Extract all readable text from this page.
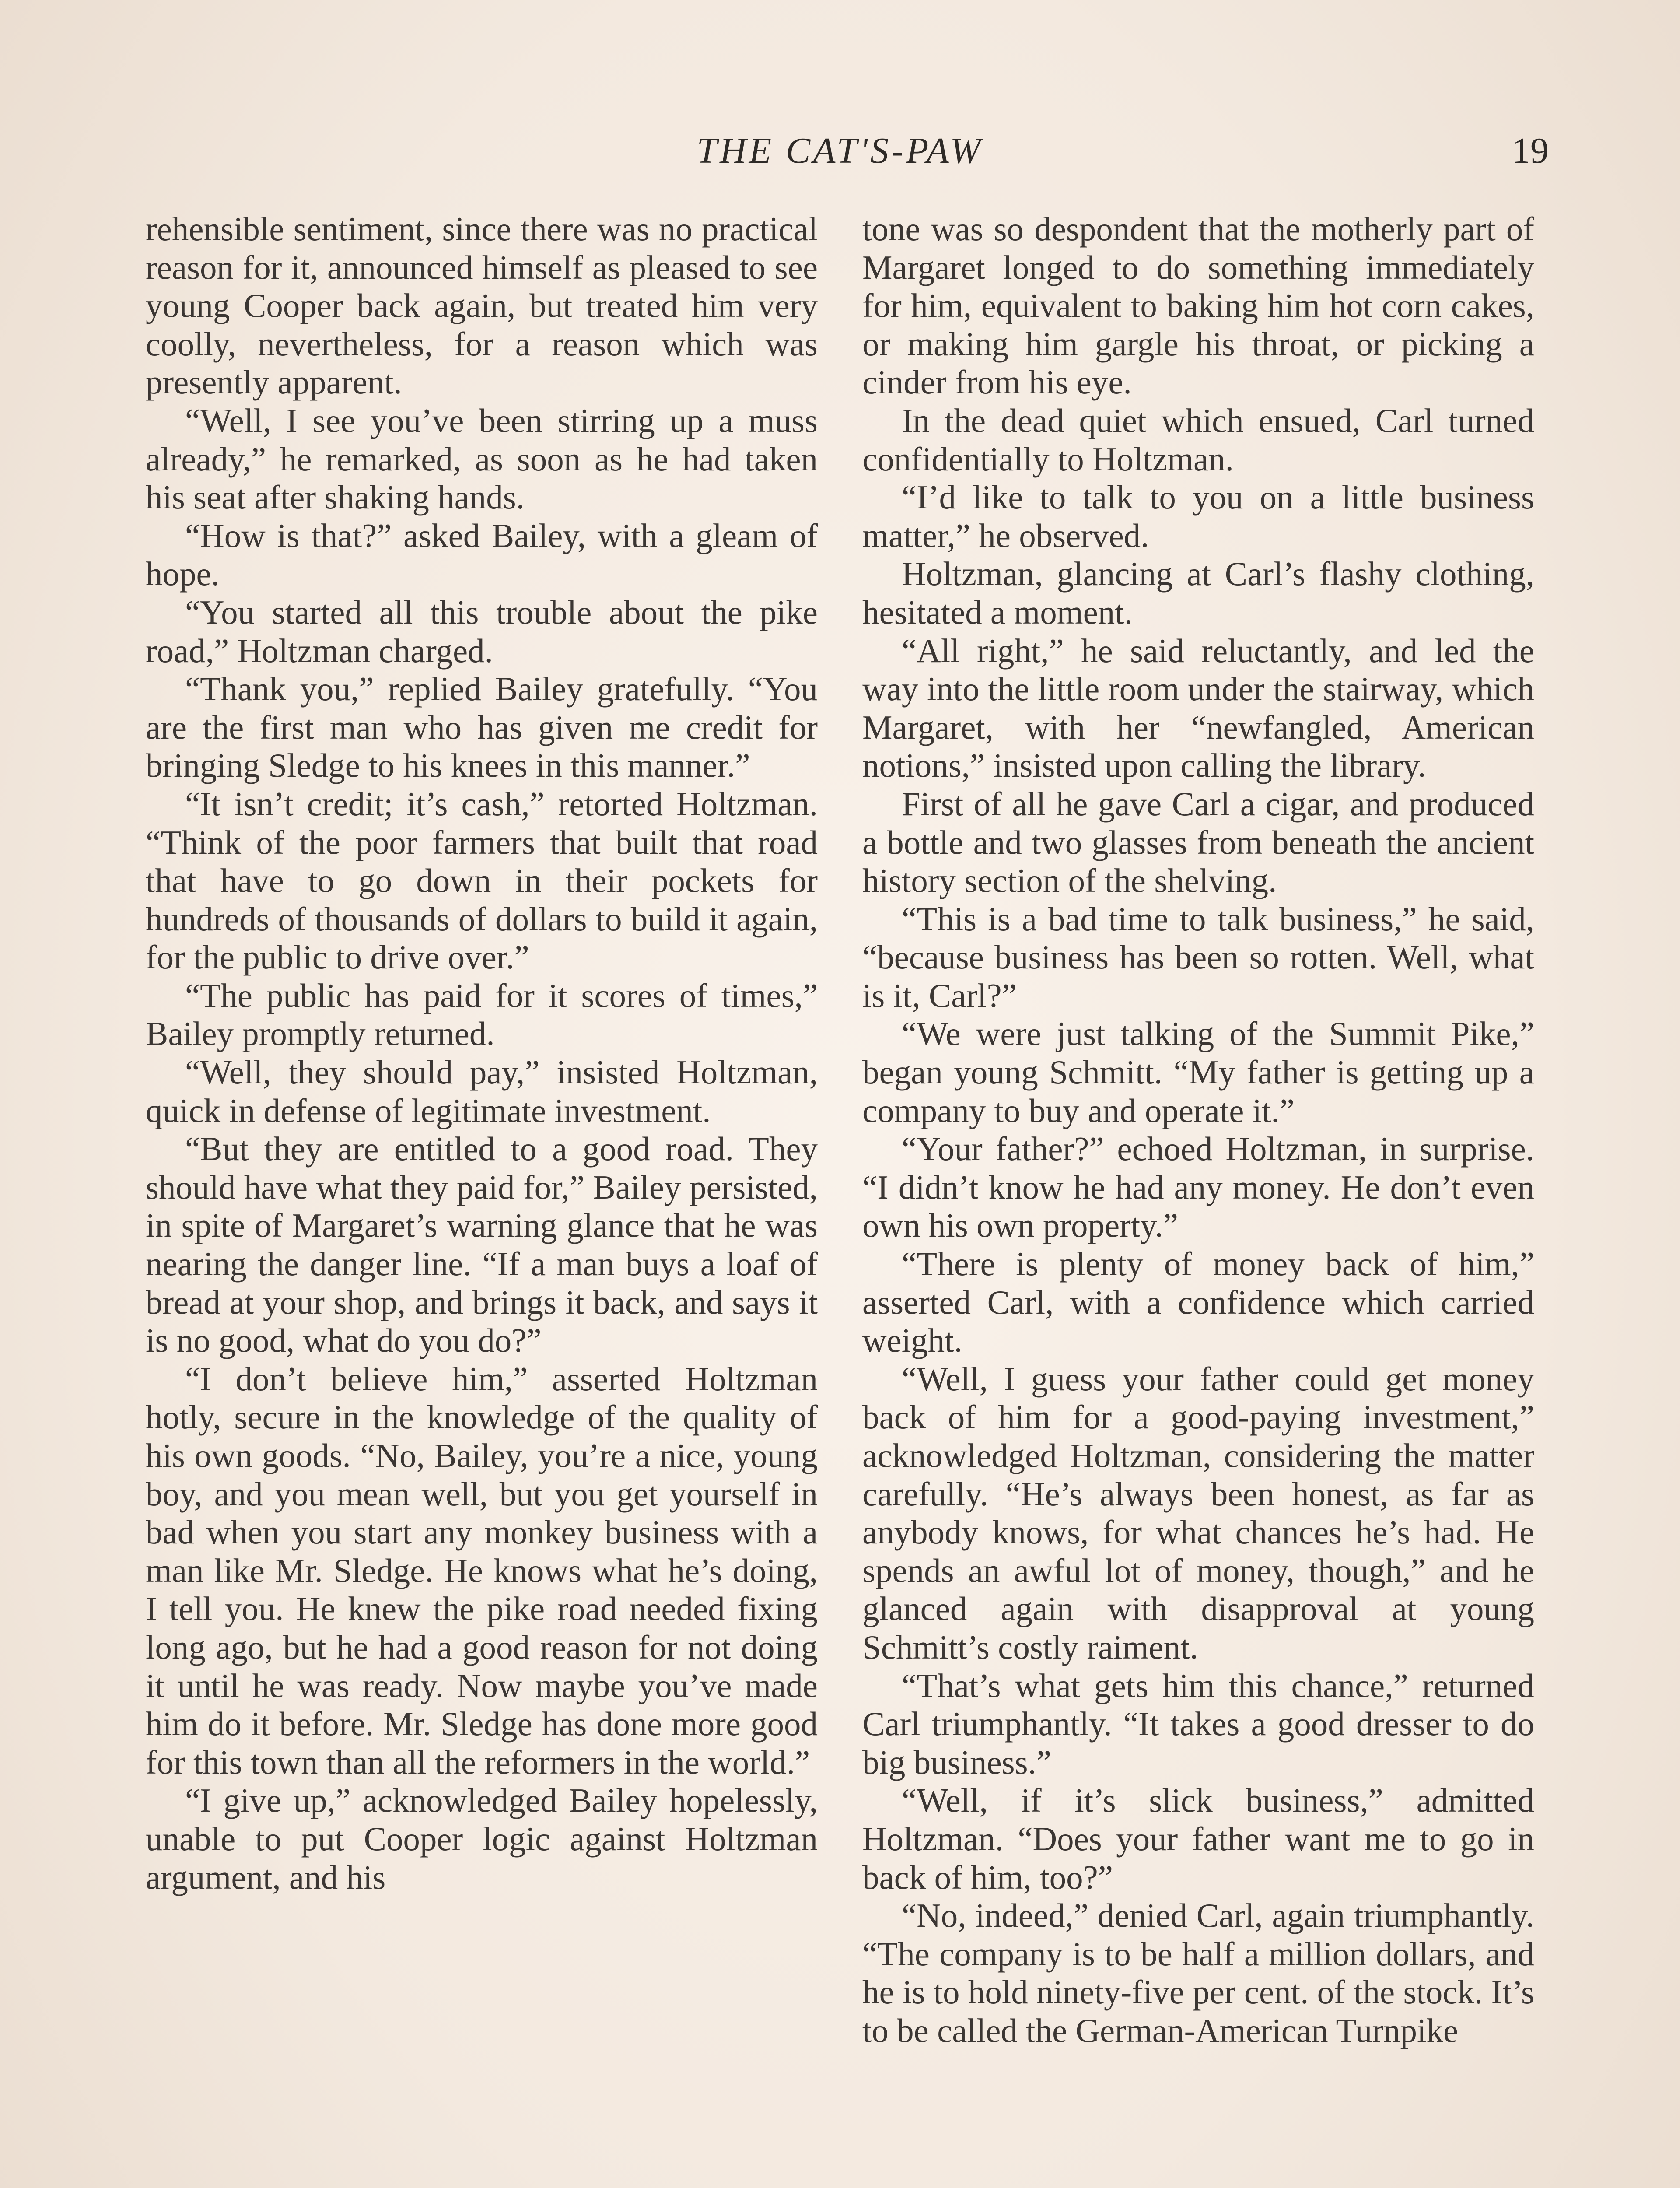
THE CAT'S-PAW	19

rehensible sentiment, since there was no practical reason for it, announced himself as pleased to see young Cooper back again, but treated him very coolly, nevertheless, for a reason which was presently apparent.

“Well, I see you’ve been stirring up a muss already,” he remarked, as soon as he had taken his seat after shaking hands.

“How is that?” asked Bailey, with a gleam of hope.

“You started all this trouble about the pike road,” Holtzman charged.

“Thank you,” replied Bailey gratefully. “You are the first man who has given me credit for bringing Sledge to his knees in this manner.”

“It isn’t credit; it’s cash,” retorted Holtzman. “Think of the poor farmers that built that road that have to go down in their pockets for hundreds of thousands of dollars to build it again, for the public to drive over.”

“The public has paid for it scores of times,” Bailey promptly returned.

“Well, they should pay,” insisted Holtzman, quick in defense of legitimate investment.

“But they are entitled to a good road. They should have what they paid for,” Bailey persisted, in spite of Margaret’s warning glance that he was nearing the danger line. “If a man buys a loaf of bread at your shop, and brings it back, and says it is no good, what do you do?”

“I don’t believe him,” asserted Holtzman hotly, secure in the knowledge of the quality of his own goods. “No, Bailey, you’re a nice, young boy, and you mean well, but you get yourself in bad when you start any monkey business with a man like Mr. Sledge. He knows what he’s doing, I tell you. He knew the pike road needed fixing long ago, but he had a good reason for not doing it until he was ready. Now maybe you’ve made him do it before. Mr. Sledge has done more good for this town than all the reformers in the world.”

“I give up,” acknowledged Bailey hopelessly, unable to put Cooper logic against Holtzman argument, and his

tone was so despondent that the motherly part of Margaret longed to do something immediately for him, equivalent to baking him hot corn cakes, or making him gargle his throat, or picking a cinder from his eye.

In the dead quiet which ensued, Carl turned confidentially to Holtzman.

“I’d like to talk to you on a little business matter,” he observed.

Holtzman, glancing at Carl’s flashy clothing, hesitated a moment.

“All right,” he said reluctantly, and led the way into the little room under the stairway, which Margaret, with her “newfangled, American notions,” insisted upon calling the library.

First of all he gave Carl a cigar, and produced a bottle and two glasses from beneath the ancient history section of the shelving.

“This is a bad time to talk business,” he said, “because business has been so rotten. Well, what is it, Carl?”

“We were just talking of the Summit Pike,” began young Schmitt. “My father is getting up a company to buy and operate it.”

“Your father?” echoed Holtzman, in surprise. “I didn’t know he had any money. He don’t even own his own property.”

“There is plenty of money back of him,” asserted Carl, with a confidence which carried weight.

“Well, I guess your father could get money back of him for a good-paying investment,” acknowledged Holtzman, considering the matter carefully. “He’s always been honest, as far as anybody knows, for what chances he’s had. He spends an awful lot of money, though,” and he glanced again with disapproval at young Schmitt’s costly raiment.

“That’s what gets him this chance,” returned Carl triumphantly. “It takes a good dresser to do big business.”

“Well, if it’s slick business,” admitted Holtzman. “Does your father want me to go in back of him, too?”

“No, indeed,” denied Carl, again triumphantly. “The company is to be half a million dollars, and he is to hold ninety-five per cent. of the stock. It’s to be called the German-American Turnpike
